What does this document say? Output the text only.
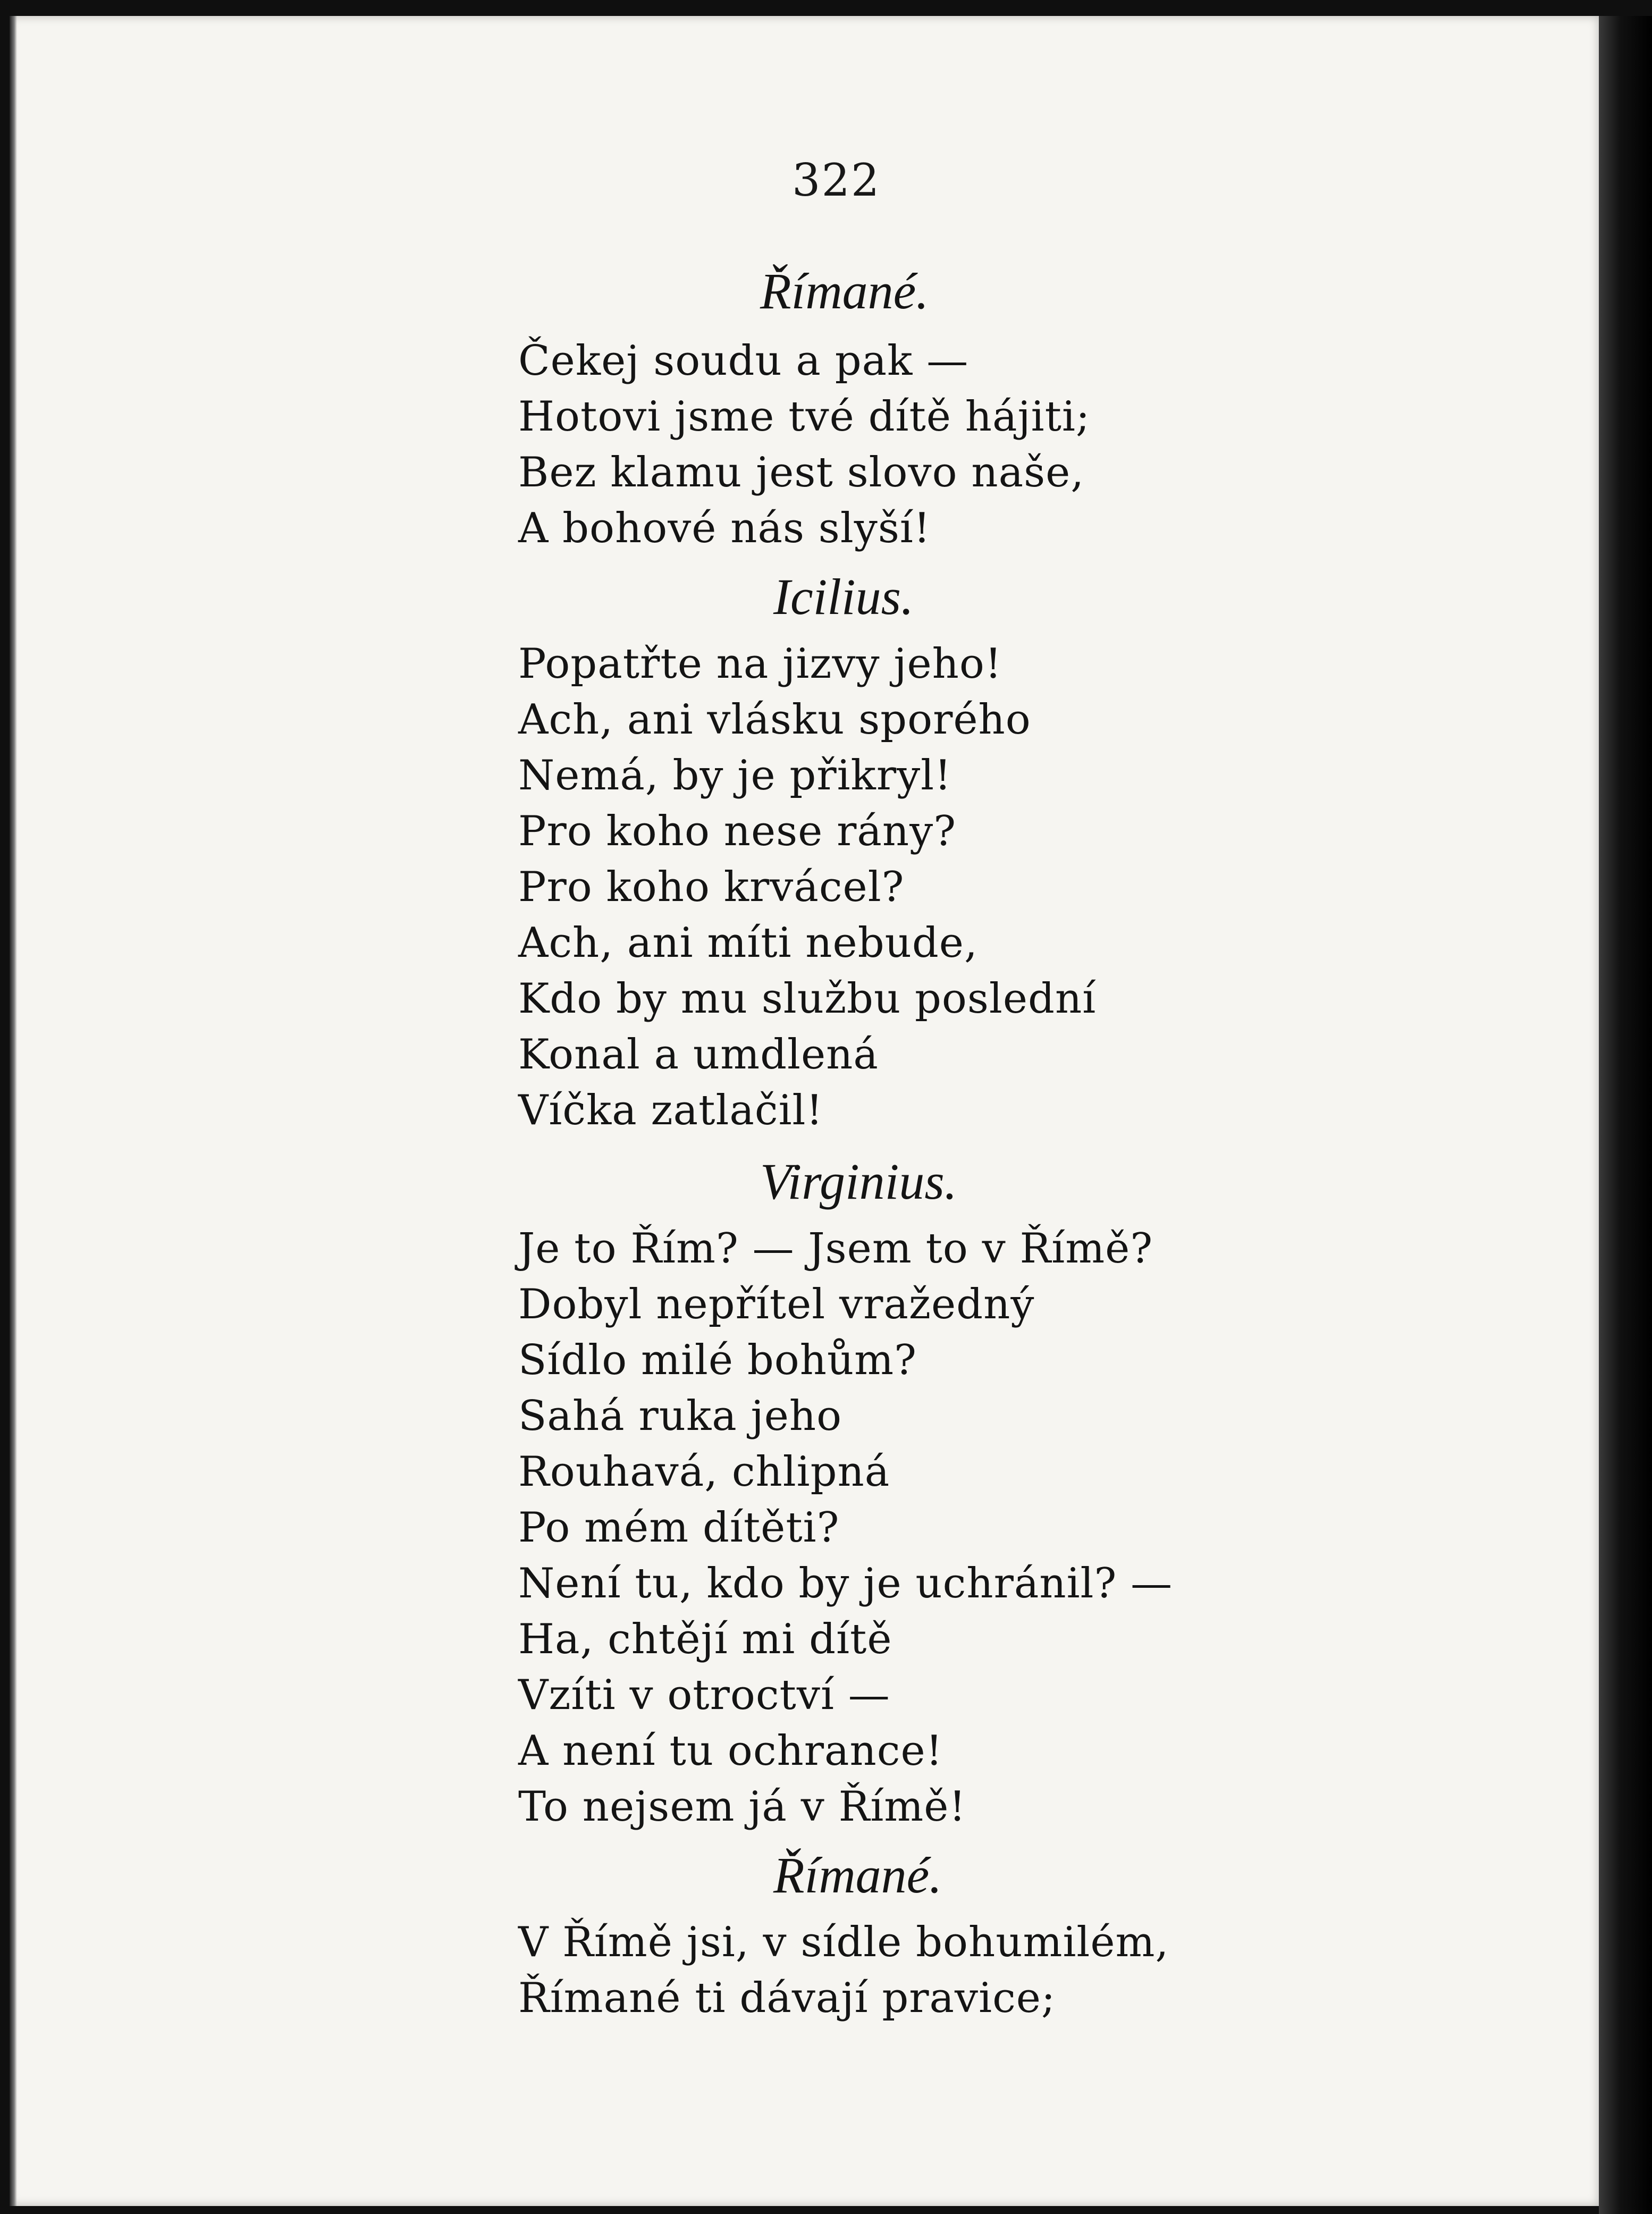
322
Římané.
Čekej soudu a pak —
Hotovi jsme tvé dítě hájiti;
Bez klamu jest slovo naše,
A bohové nás slyší!
Icilius.
Popatřte na jizvy jeho!
Ach, ani vlásku sporého
Nemá, by je přikryl!
Pro koho nese rány?
Pro koho krvácel?
Ach, ani míti nebude,
Kdo by mu službu poslední
Konal a umdlená
Víčka zatlačil!
Virginius.
Je to Řím? — Jsem to v Římě?
Dobyl nepřítel vražedný
Sídlo milé bohům?
Sahá ruka jeho
Rouhavá, chlipná
Po mém dítěti?
Není tu, kdo by je uchránil? —
Ha, chtějí mi dítě
Vzíti v otroctví —
A není tu ochrance!
To nejsem já v Římě!
Římané.
V Římě jsi, v sídle bohumilém,
Římané ti dávají pravice;
